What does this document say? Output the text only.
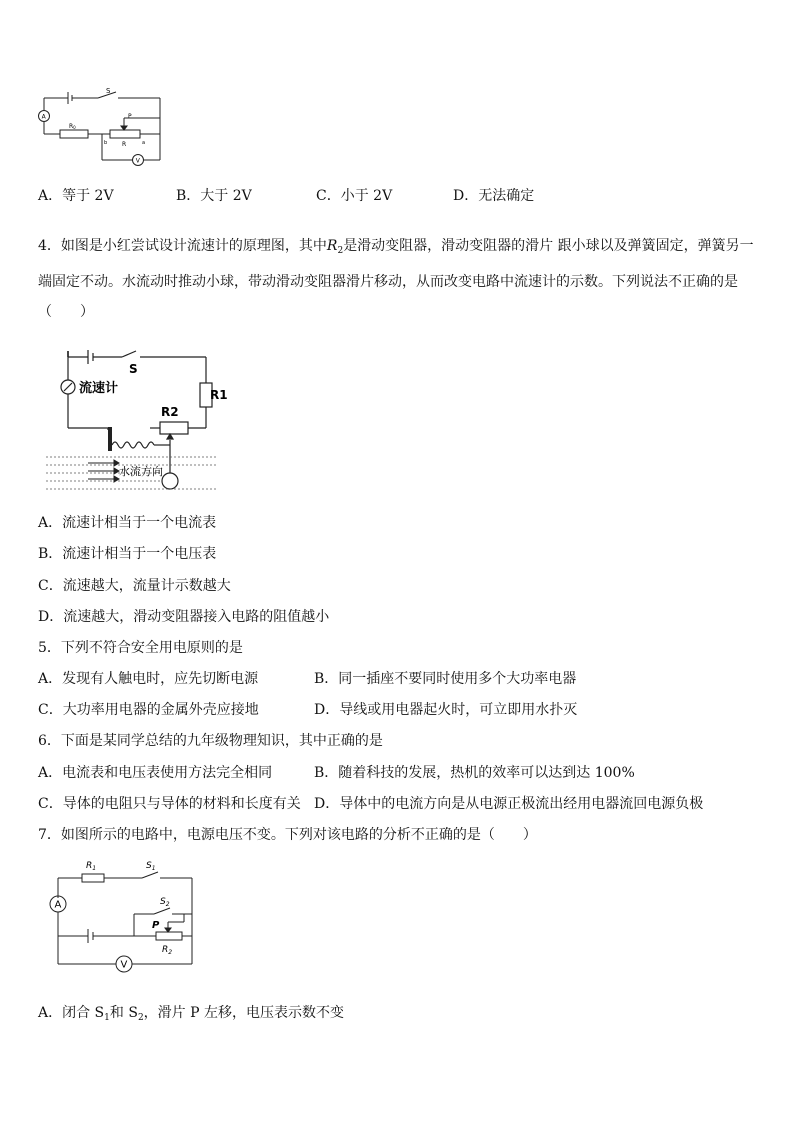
S
P
R0
R
b	a
A
V
A．等于 2V	B．大于 2V	C．小于 2V	D．无法确定
4．如图是小红尝试设计流速计的原理图，其中$R_2$是滑动变阻器，滑动变阻器的滑片 跟小球以及弹簧固定，弹簧另一
端固定不动。水流动时推动小球，带动滑动变阻器滑片移动，从而改变电路中流速计的示数。下列说法不正确的是
（　　）
S
R1
R2
流速计
水流方向
A．流速计相当于一个电流表
B．流速计相当于一个电压表
C．流速越大，流量计示数越大
D．流速越大，滑动变阻器接入电路的阻值越小
5．下列不符合安全用电原则的是
A．发现有人触电时，应先切断电源	B．同一插座不要同时使用多个大功率电器
C．大功率用电器的金属外壳应接地	D．导线或用电器起火时，可立即用水扑灭
6．下面是某同学总结的九年级物理知识，其中正确的是
A．电流表和电压表使用方法完全相同	B．随着科技的发展，热机的效率可以达到达 100%
C．导体的电阻只与导体的材料和长度有关 D．导体中的电流方向是从电源正极流出经用电器流回电源负极
7．如图所示的电路中，电源电压不变。下列对该电路的分析不正确的是（　　）
$R_1$	$S_1$
$S_2$
P
$R_2$
A
V
A．闭合 $S_1$和 $S_2$，滑片 P 左移，电压表示数不变
